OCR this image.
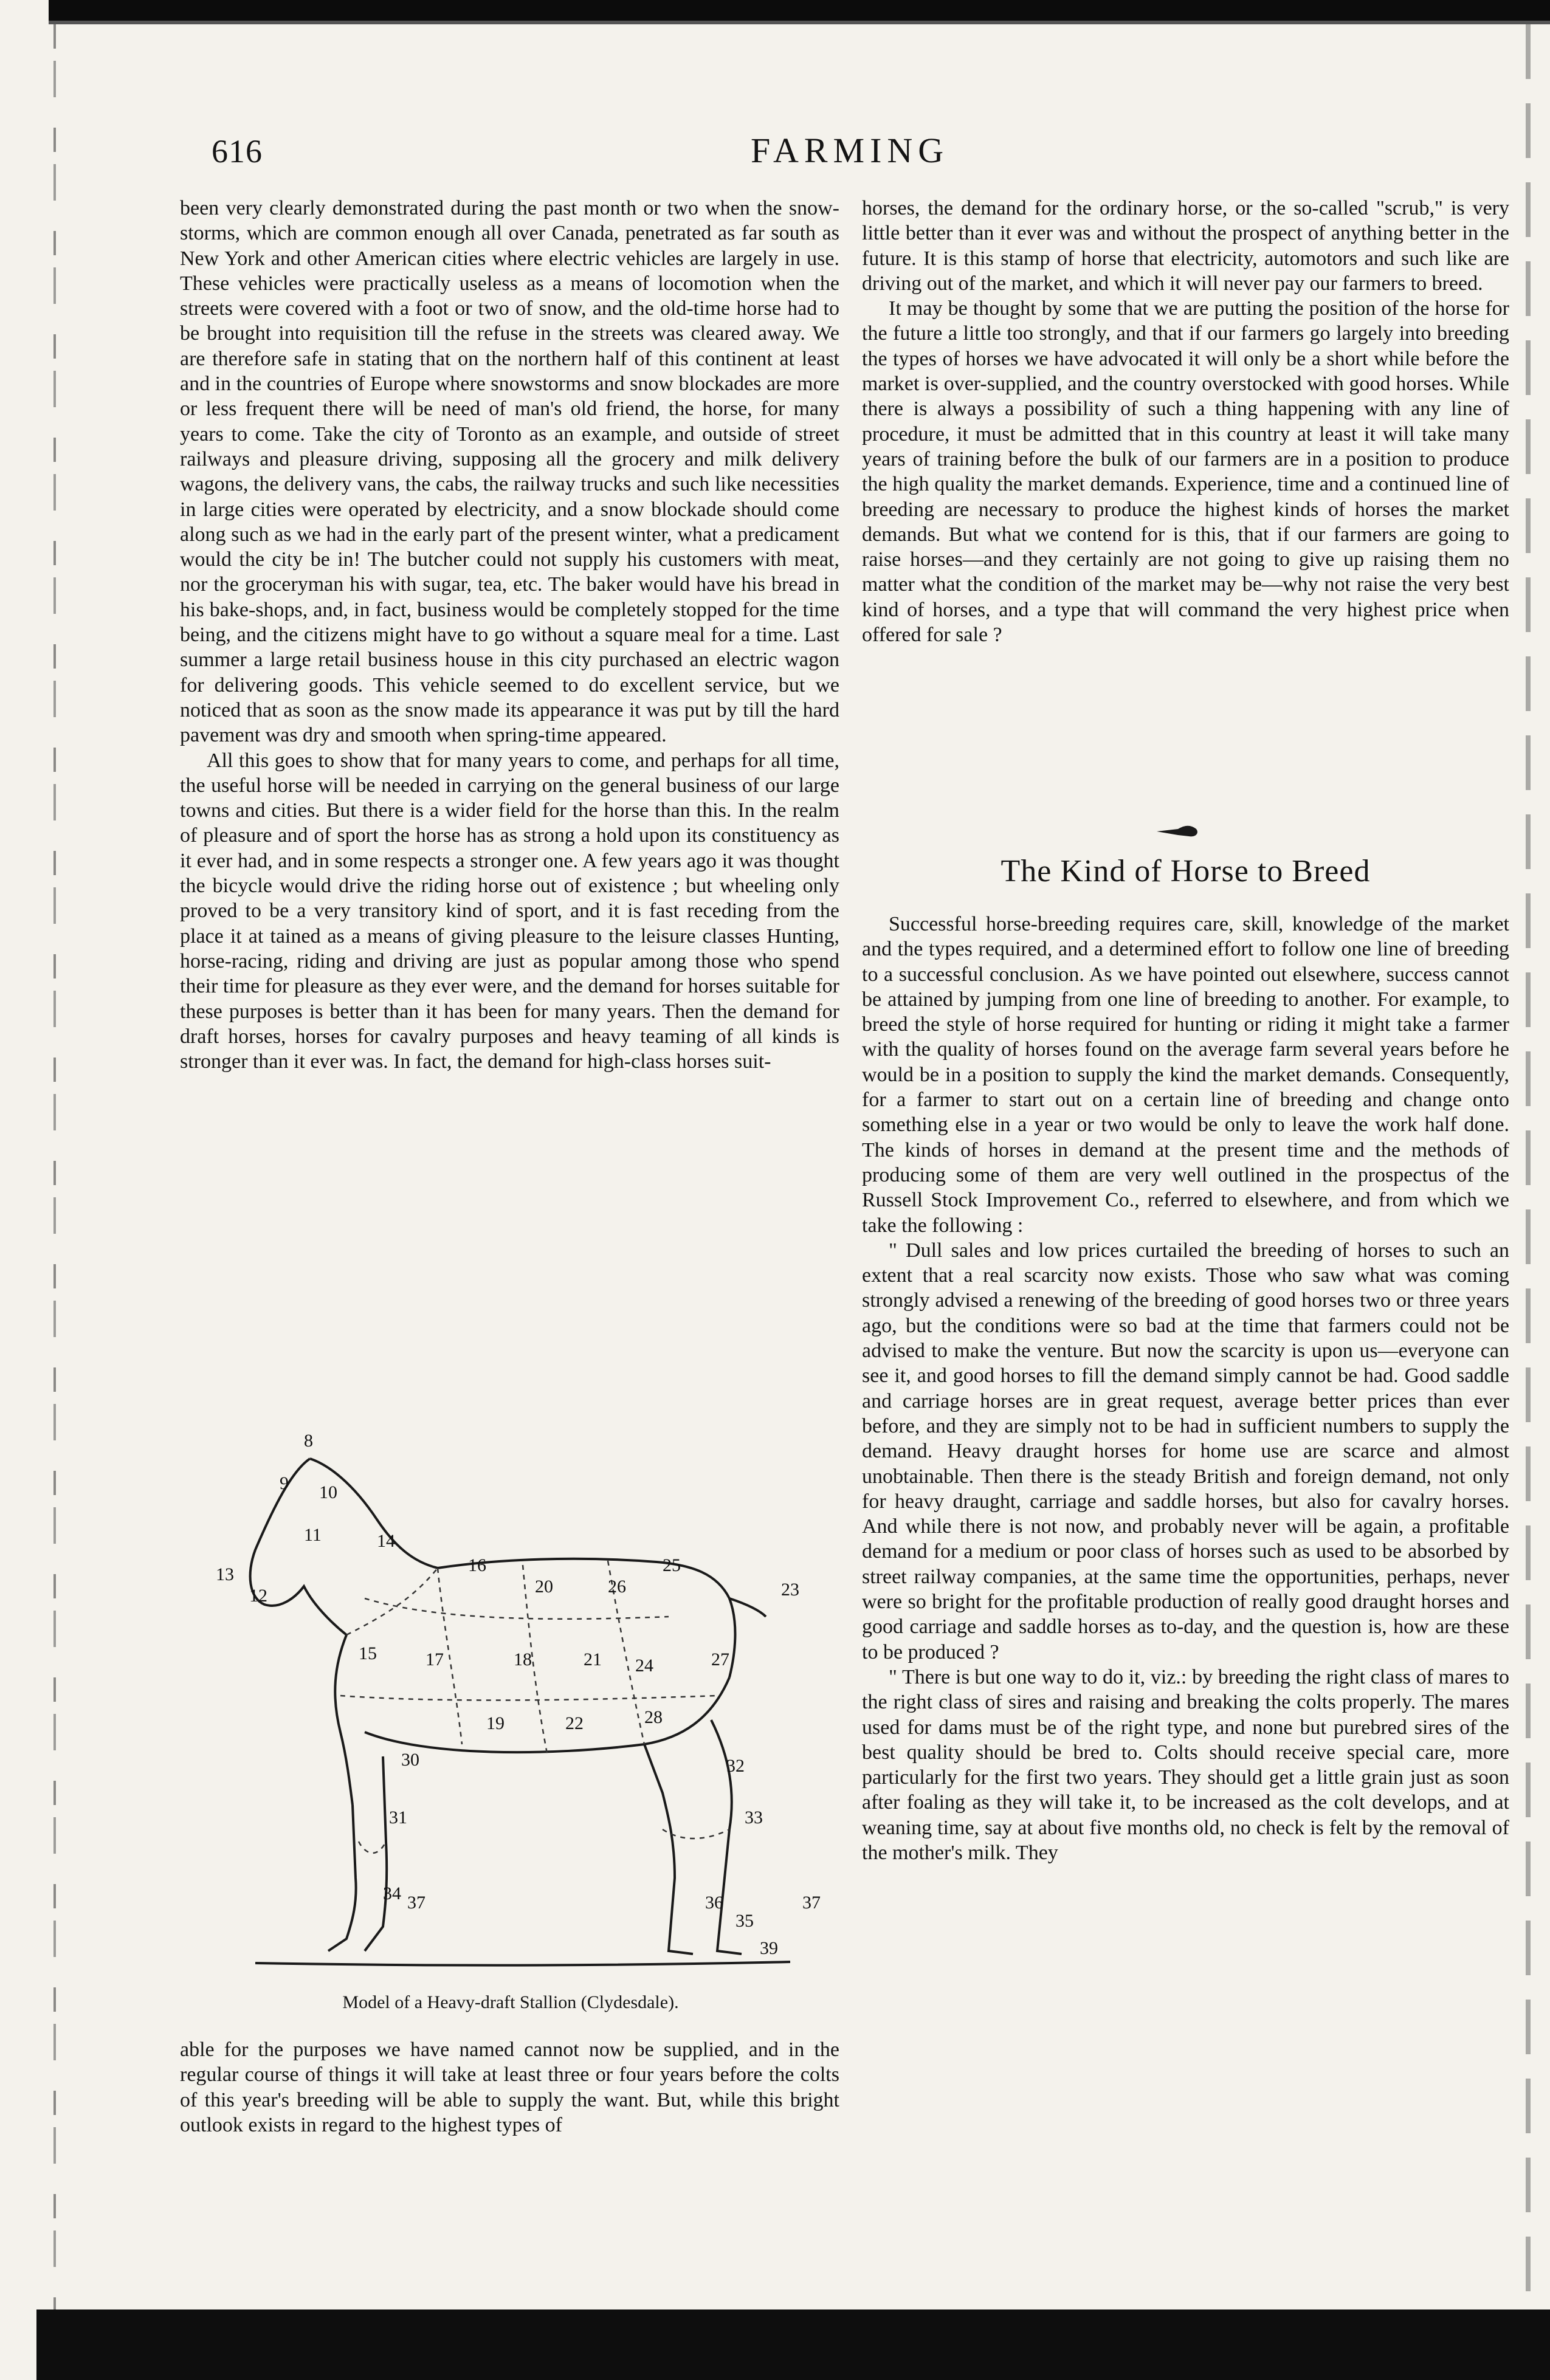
616	FARMING

been very clearly demonstrated during the past month or two when the snow-storms, which are common enough all over Canada, penetrated as far south as New York and other American cities where electric vehicles are largely in use. These vehicles were practically useless as a means of locomotion when the streets were covered with a foot or two of snow, and the old-time horse had to be brought into requisition till the refuse in the streets was cleared away. We are therefore safe in stating that on the northern half of this continent at least and in the countries of Europe where snowstorms and snow blockades are more or less frequent there will be need of man's old friend, the horse, for many years to come. Take the city of Toronto as an example, and outside of street railways and pleasure driving, supposing all the grocery and milk delivery wagons, the delivery vans, the cabs, the railway trucks and such like necessities in large cities were operated by electricity, and a snow blockade should come along such as we had in the early part of the present winter, what a predicament would the city be in! The butcher could not supply his customers with meat, nor the groceryman his with sugar, tea, etc. The baker would have his bread in his bake-shops, and, in fact, business would be completely stopped for the time being, and the citizens might have to go without a square meal for a time. Last summer a large retail business house in this city purchased an electric wagon for delivering goods. This vehicle seemed to do excellent service, but we noticed that as soon as the snow made its appearance it was put by till the hard pavement was dry and smooth when spring-time appeared.

All this goes to show that for many years to come, and perhaps for all time, the useful horse will be needed in carrying on the general business of our large towns and cities. But there is a wider field for the horse than this. In the realm of pleasure and of sport the horse has as strong a hold upon its constituency as it ever had, and in some respects a stronger one. A few years ago it was thought the bicycle would drive the riding horse out of existence ; but wheeling only proved to be a very transitory kind of sport, and it is fast receding from the place it at tained as a means of giving pleasure to the leisure classes Hunting, horse-racing, riding and driving are just as popular among those who spend their time for pleasure as they ever were, and the demand for horses suitable for these purposes is better than it has been for many years. Then the demand for draft horses, horses for cavalry purposes and heavy teaming of all kinds is stronger than it ever was. In fact, the demand for high-class horses suit-

8
10
9
11	14
13
12
16	25
20	26	23
15	17	18	21 24	27
19	22	28
30	32
31	33
34 37
35
36	37
39
Model of a Heavy-draft Stallion (Clydesdale).

able for the purposes we have named cannot now be supplied, and in the regular course of things it will take at least three or four years before the colts of this year's breeding will be able to supply the want. But, while this bright outlook exists in regard to the highest types of

horses, the demand for the ordinary horse, or the so-called "scrub," is very little better than it ever was and without the prospect of anything better in the future. It is this stamp of horse that electricity, automotors and such like are driving out of the market, and which it will never pay our farmers to breed.

It may be thought by some that we are putting the position of the horse for the future a little too strongly, and that if our farmers go largely into breeding the types of horses we have advocated it will only be a short while before the market is over-supplied, and the country overstocked with good horses. While there is always a possibility of such a thing happening with any line of procedure, it must be admitted that in this country at least it will take many years of training before the bulk of our farmers are in a position to produce the high quality the market demands. Experience, time and a continued line of breeding are necessary to produce the highest kinds of horses the market demands. But what we contend for is this, that if our farmers are going to raise horses—and they certainly are not going to give up raising them no matter what the condition of the market may be—why not raise the very best kind of horses, and a type that will command the very highest price when offered for sale ?

The Kind of Horse to Breed

Successful horse-breeding requires care, skill, knowledge of the market and the types required, and a determined effort to follow one line of breeding to a successful conclusion. As we have pointed out elsewhere, success cannot be attained by jumping from one line of breeding to another. For example, to breed the style of horse required for hunting or riding it might take a farmer with the quality of horses found on the average farm several years before he would be in a position to supply the kind the market demands. Consequently, for a farmer to start out on a certain line of breeding and change onto something else in a year or two would be only to leave the work half done. The kinds of horses in demand at the present time and the methods of producing some of them are very well outlined in the prospectus of the Russell Stock Improvement Co., referred to elsewhere, and from which we take the following :

" Dull sales and low prices curtailed the breeding of horses to such an extent that a real scarcity now exists. Those who saw what was coming strongly advised a renewing of the breeding of good horses two or three years ago, but the conditions were so bad at the time that farmers could not be advised to make the venture. But now the scarcity is upon us—everyone can see it, and good horses to fill the demand simply cannot be had. Good saddle and carriage horses are in great request, average better prices than ever before, and they are simply not to be had in sufficient numbers to supply the demand. Heavy draught horses for home use are scarce and almost unobtainable. Then there is the steady British and foreign demand, not only for heavy draught, carriage and saddle horses, but also for cavalry horses. And while there is not now, and probably never will be again, a profitable demand for a medium or poor class of horses such as used to be absorbed by street railway companies, at the same time the opportunities, perhaps, never were so bright for the profitable production of really good draught horses and good carriage and saddle horses as to-day, and the question is, how are these to be produced ?

" There is but one way to do it, viz.: by breeding the right class of mares to the right class of sires and raising and breaking the colts properly. The mares used for dams must be of the right type, and none but purebred sires of the best quality should be bred to. Colts should receive special care, more particularly for the first two years. They should get a little grain just as soon after foaling as they will take it, to be increased as the colt develops, and at weaning time, say at about five months old, no check is felt by the removal of the mother's milk. They
